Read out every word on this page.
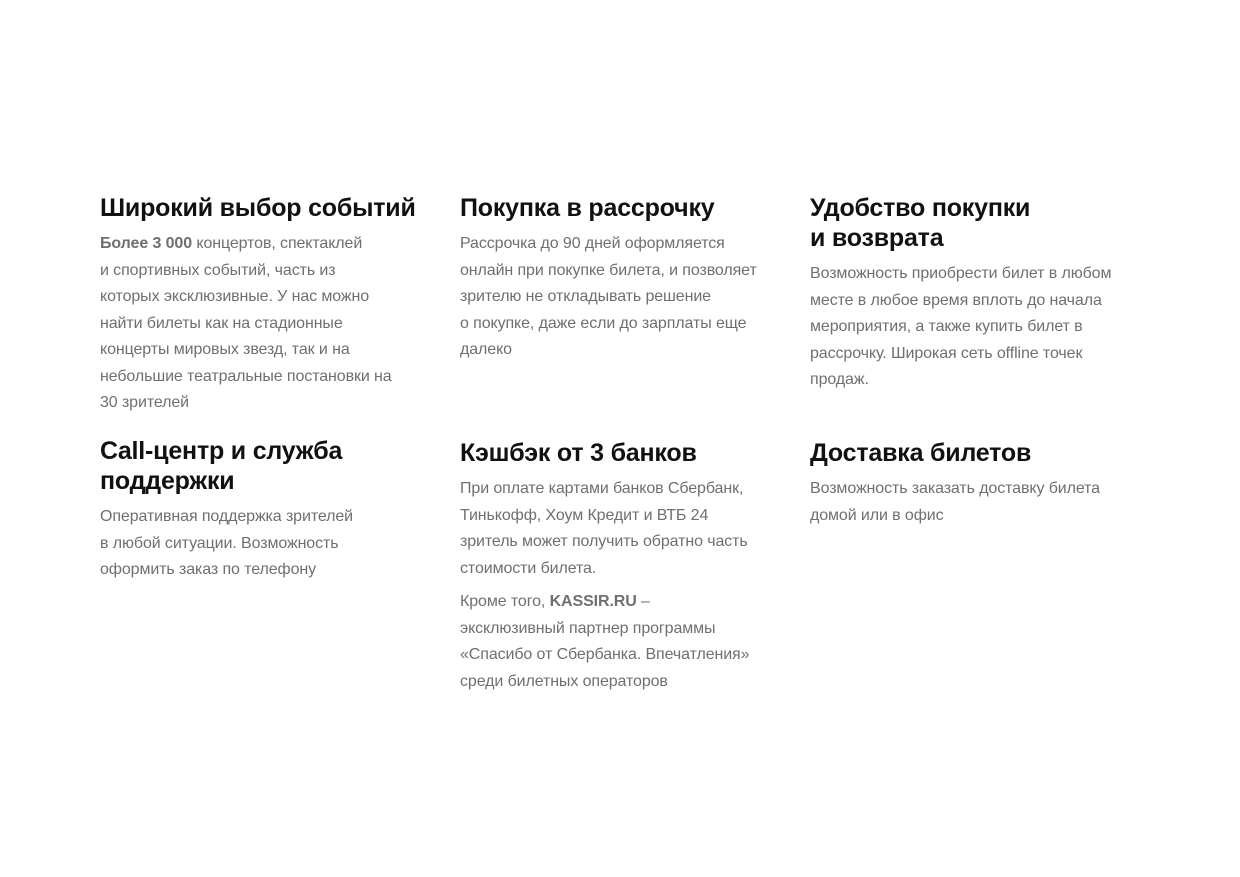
Широкий выбор событий

Более 3 000 концертов, спектаклей
и спортивных событий, часть из
которых эксклюзивные. У нас можно
найти билеты как на стадионные
концерты мировых звезд, так и на
небольшие театральные постановки на
30 зрителей

Покупка в рассрочку

Рассрочка до 90 дней оформляется
онлайн при покупке билета, и позволяет
зрителю не откладывать решение
о покупке, даже если до зарплаты еще
далеко

Удобство покупки
и возврата

Возможность приобрести билет в любом
месте в любое время вплоть до начала
мероприятия, а также купить билет в
рассрочку. Широкая сеть offline точек
продаж.

Call-центр и служба
поддержки

Оперативная поддержка зрителей
в любой ситуации. Возможность
оформить заказ по телефону

Кэшбэк от 3 банков

При оплате картами банков Сбербанк,
Тинькофф, Хоум Кредит и ВТБ 24
зритель может получить обратно часть
стоимости билета.

Кроме того, KASSIR.RU –
эксклюзивный партнер программы
«Спасибо от Сбербанка. Впечатления»
среди билетных операторов

Доставка билетов

Возможность заказать доставку билета
домой или в офис
